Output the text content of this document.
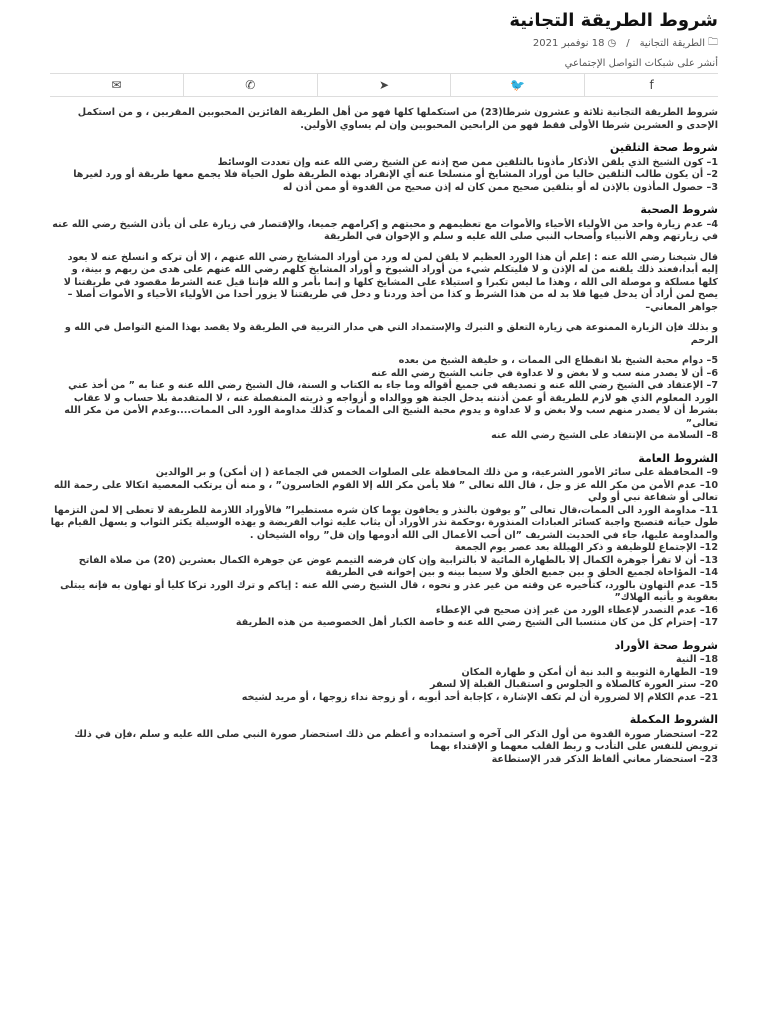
شروط الطريقة التجانية
🗀
الطريقة التجانية
/
◷
18 نوفمبر 2021
أنشر على شبكات التواصل الإجتماعي
f
🐦
➤
✆
✉

شروط الطريقة التجانية ثلاثة و عشرون شرطا(23) من استكملها كلها فهو من أهل الطريقة الفائزين المحبوبين المقربين ، و من استكمل الإحدى و العشرين شرطا الأولى فقط فهو من الرابحين المحبوبين وإن لم يساوي الأولين.

شروط صحة التلقين
1– كون الشيخ الذي يلقن الأذكار مأذونا بالتلقين ممن صح إذنه عن الشيخ رضي الله عنه وإن تعددت الوسائط
2– أن يكون طالب التلقين خاليا من أوراد المشايخ أو منسلخا عنه أي الإنفراد بهذه الطريقة طول الحياة فلا يجمع معها طريقة أو ورد لغيرها
3– حصول المأذون بالإذن له أو بتلقين صحيح ممن كان له إذن صحيح من القدوة أو ممن أذن له
شروط الصحبة
4– عدم زيارة واحد من الأولياء الأحياء والأموات مع تعظيمهم و محبتهم و إكرامهم جميعا، والإقتصار في زيارة على أن يأذن الشيخ رضي الله عنه في زيارتهم وهم الأنبياء وأصحاب النبي صلى الله عليه و سلم و الإخوان في الطريقة

قال شيخنا رضي الله عنه : إعلم أن هذا الورد العظيم لا يلقن لمن له ورد من أوراد المشايخ رضي الله عنهم ، إلا أن تركه و انسلخ عنه لا يعود إليه أبدا،فعند ذلك يلقنه من له الإذن و لا فليتكلم شيء من أوراد الشيوخ و أوراد المشايخ كلهم رضي الله عنهم على هدى من ربهم و بينة، و كلها مسلكة و موصلة الى الله ، وهذا ما ليس تكبرا و استيلاء على المشايخ كلها و إنما بأمر و الله فإننا قيل عنه الشرط مقصود في طريقتنا لا يصح لمن أراد أن يدخل فيها فلا بد له من هذا الشرط و كذا من أخذ وردنا و دخل في طريقتنا لا يزور أحدا من الأولياء الأحياء و الأموات أصلا –جواهر المعاني–

و بذلك فإن الزيارة الممنوعة هي زيارة التعلق و التبرك والإستمداد التي هي مدار التربية في الطريقة ولا يقصد بهذا المنع التواصل في الله و الرحم

5– دوام محبة الشيخ بلا انقطاع الى الممات ، و خليفة الشيخ من بعده
6– أن لا يصدر منه سب و لا بغض و لا عداوة في جانب الشيخ رضي الله عنه
7– الإعتقاد في الشيخ رضي الله عنه و تصديقه في جميع أقواله وما جاء به الكتاب و السنة، قال الشيخ رضي الله عنه و عنا به ” من أخذ عني الورد المعلوم الذي هو لازم للطريقة أو عمن أذنته يدخل الجنة هو ووالداه و أزواجه و ذريته المنفصلة عنه ، لا المتقدمة بلا حساب و لا عقاب بشرط أن لا يصدر منهم سب ولا بغض و لا عداوة و يدوم محبة الشيخ الى الممات و كذلك مداومة الورد الى الممات....وعدم الأمن من مكر الله تعالى”
8– السلامة من الإنتقاد على الشيخ رضي الله عنه
الشروط العامة
9– المحافظة على سائر الأمور الشرعية، و من ذلك المحافظة على الصلوات الخمس في الجماعة ( إن أمكن) و بر الوالدين
10– عدم الأمن من مكر الله عز و جل ، قال الله تعالى ” فلا يأمن مكر الله إلا القوم الخاسرون” ، و منه أن يرتكب المعصية اتكالا على رحمة الله تعالى أو شفاعة نبي أو ولي
11– مداومة الورد الى الممات،قال تعالى ”و يوفون بالنذر و يخافون يوما كان شره مستطيرا” فالأوراد اللازمة للطريقة لا تعطى إلا لمن التزمها طول حياته فتصبح واجبة كسائر العبادات المنذورة ،وحكمة نذر الأوراد أن يثاب عليه ثواب الفريضة و يهذه الوسيلة يكثر الثواب و يسهل القيام بها والمداومة عليها، جاء في الحديث الشريف ”ان أحب الأعمال الى الله أدومها وإن قل” رواه الشيخان .
12– الإجتماع للوظيفة و ذكر الهيللة بعد عصر يوم الجمعة
13– أن لا تقرأ جوهرة الكمال إلا بالطهارة المائية لا بالترابية وإن كان فرضه التيمم عوض عن جوهرة الكمال بعشرين (20) من صلاة الفاتح
14– المؤاخاة لجميع الخلق و بين جميع الخلق ولا سيما بينه و بين إخوانه في الطريقة
15– عدم التهاون بالورد، كتأخيره عن وقته من غير عذر و نحوه ، قال الشيخ رضي الله عنه : إياكم و ترك الورد تركا كليا أو تهاون به فإنه يبتلى بعقوبة و يأتيه الهلاك”
16– عدم التصدر لإعطاء الورد من غير إذن صحيح في الإعطاء
17– إحترام كل من كان منتسبا الى الشيخ رضي الله عنه و خاصة الكبار أهل الخصوصية من هذه الطريقة
شروط صحة الأوراد
18– النية
19– الطهارة الثوبية و البد نية أن أمكن و طهارة المكان
20– ستر العورة كالصلاة و الجلوس و استقبال القبلة إلا لسفر
21– عدم الكلام إلا لضرورة أن لم تكف الإشارة ، كإجابة أحد أبويه ، أو زوجة نداء زوجها ، أو مريد لشيخه
الشروط المكملة
22– استحضار صورة القدوة من أول الذكر الى آخره و استمداده و أعظم من ذلك استحضار صورة النبي صلى الله عليه و سلم ،فإن في ذلك ترويض للنفس على التأدب و ربط القلب معهما و الإقتداء بهما
23– استحضار معاني ألفاظ الذكر قدر الإستطاعة
